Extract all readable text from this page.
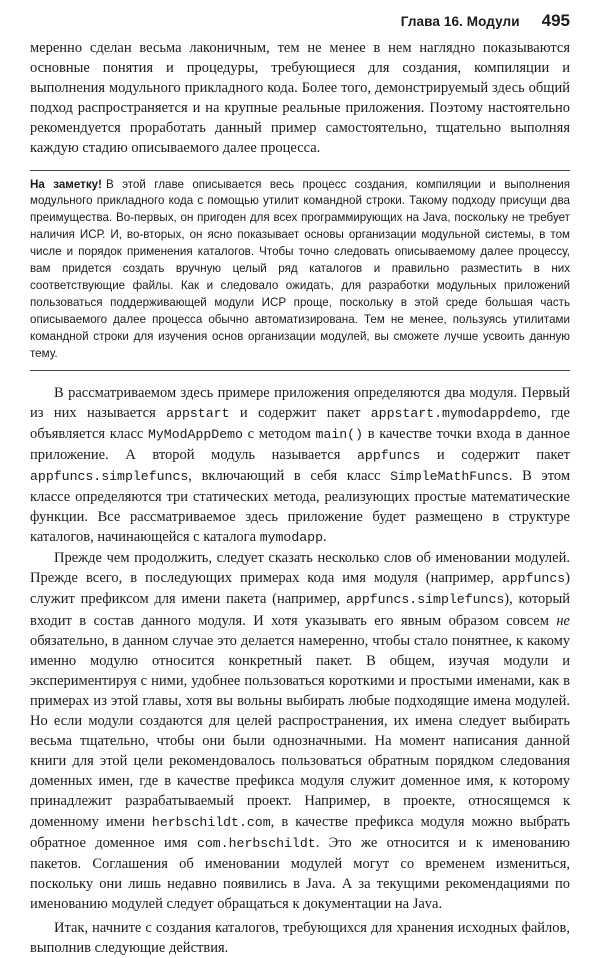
Глава 16. Модули 495

меренно сделан весьма лаконичным, тем не менее в нем наглядно показываются основные понятия и процедуры, требующиеся для создания, компиляции и выполнения модульного прикладного кода. Более того, демонстрируемый здесь общий подход распространяется и на крупные реальные приложения. Поэтому настоятельно рекомендуется проработать данный пример самостоятельно, тщательно выполняя каждую стадию описываемого далее процесса.

На заметку! В этой главе описывается весь процесс создания, компиляции и выполнения модульного прикладного кода с помощью утилит командной строки. Такому подходу присущи два преимущества. Во-первых, он пригоден для всех программирующих на Java, поскольку не требует наличия ИСР. И, во-вторых, он ясно показывает основы организации модульной системы, в том числе и порядок применения каталогов. Чтобы точно следовать описываемому далее процессу, вам придется создать вручную целый ряд каталогов и правильно разместить в них соответствующие файлы. Как и следовало ожидать, для разработки модульных приложений пользоваться поддерживающей модули ИСР проще, поскольку в этой среде большая часть описываемого далее процесса обычно автоматизирована. Тем не менее, пользуясь утилитами командной строки для изучения основ организации модулей, вы сможете лучше усвоить данную тему.

В рассматриваемом здесь примере приложения определяются два модуля. Первый из них называется appstart и содержит пакет appstart.mymodappdemo, где объявляется класс MyModAppDemo с методом main() в качестве точки входа в данное приложение. А второй модуль называется appfuncs и содержит пакет appfuncs.simplefuncs, включающий в себя класс SimpleMathFuncs. В этом классе определяются три статических метода, реализующих простые математические функции. Все рассматриваемое здесь приложение будет размещено в структуре каталогов, начинающейся с каталога mymodapp.

Прежде чем продолжить, следует сказать несколько слов об именовании модулей. Прежде всего, в последующих примерах кода имя модуля (например, appfuncs) служит префиксом для имени пакета (например, appfuncs.simplefuncs), который входит в состав данного модуля. И хотя указывать его явным образом совсем не обязательно, в данном случае это делается намеренно, чтобы стало понятнее, к какому именно модулю относится конкретный пакет. В общем, изучая модули и экспериментируя с ними, удобнее пользоваться короткими и простыми именами, как в примерах из этой главы, хотя вы вольны выбирать любые подходящие имена модулей. Но если модули создаются для целей распространения, их имена следует выбирать весьма тщательно, чтобы они были однозначными. На момент написания данной книги для этой цели рекомендовалось пользоваться обратным порядком следования доменных имен, где в качестве префикса модуля служит доменное имя, к которому принадлежит разрабатываемый проект. Например, в проекте, относящемся к доменному имени herbschildt.com, в качестве префикса модуля можно выбрать обратное доменное имя com.herbschildt. Это же относится и к именованию пакетов. Соглашения об именовании модулей могут со временем измениться, поскольку они лишь недавно появились в Java. А за текущими рекомендациями по именованию модулей следует обращаться к документации на Java.

Итак, начните с создания каталогов, требующихся для хранения исходных файлов, выполнив следующие действия.
